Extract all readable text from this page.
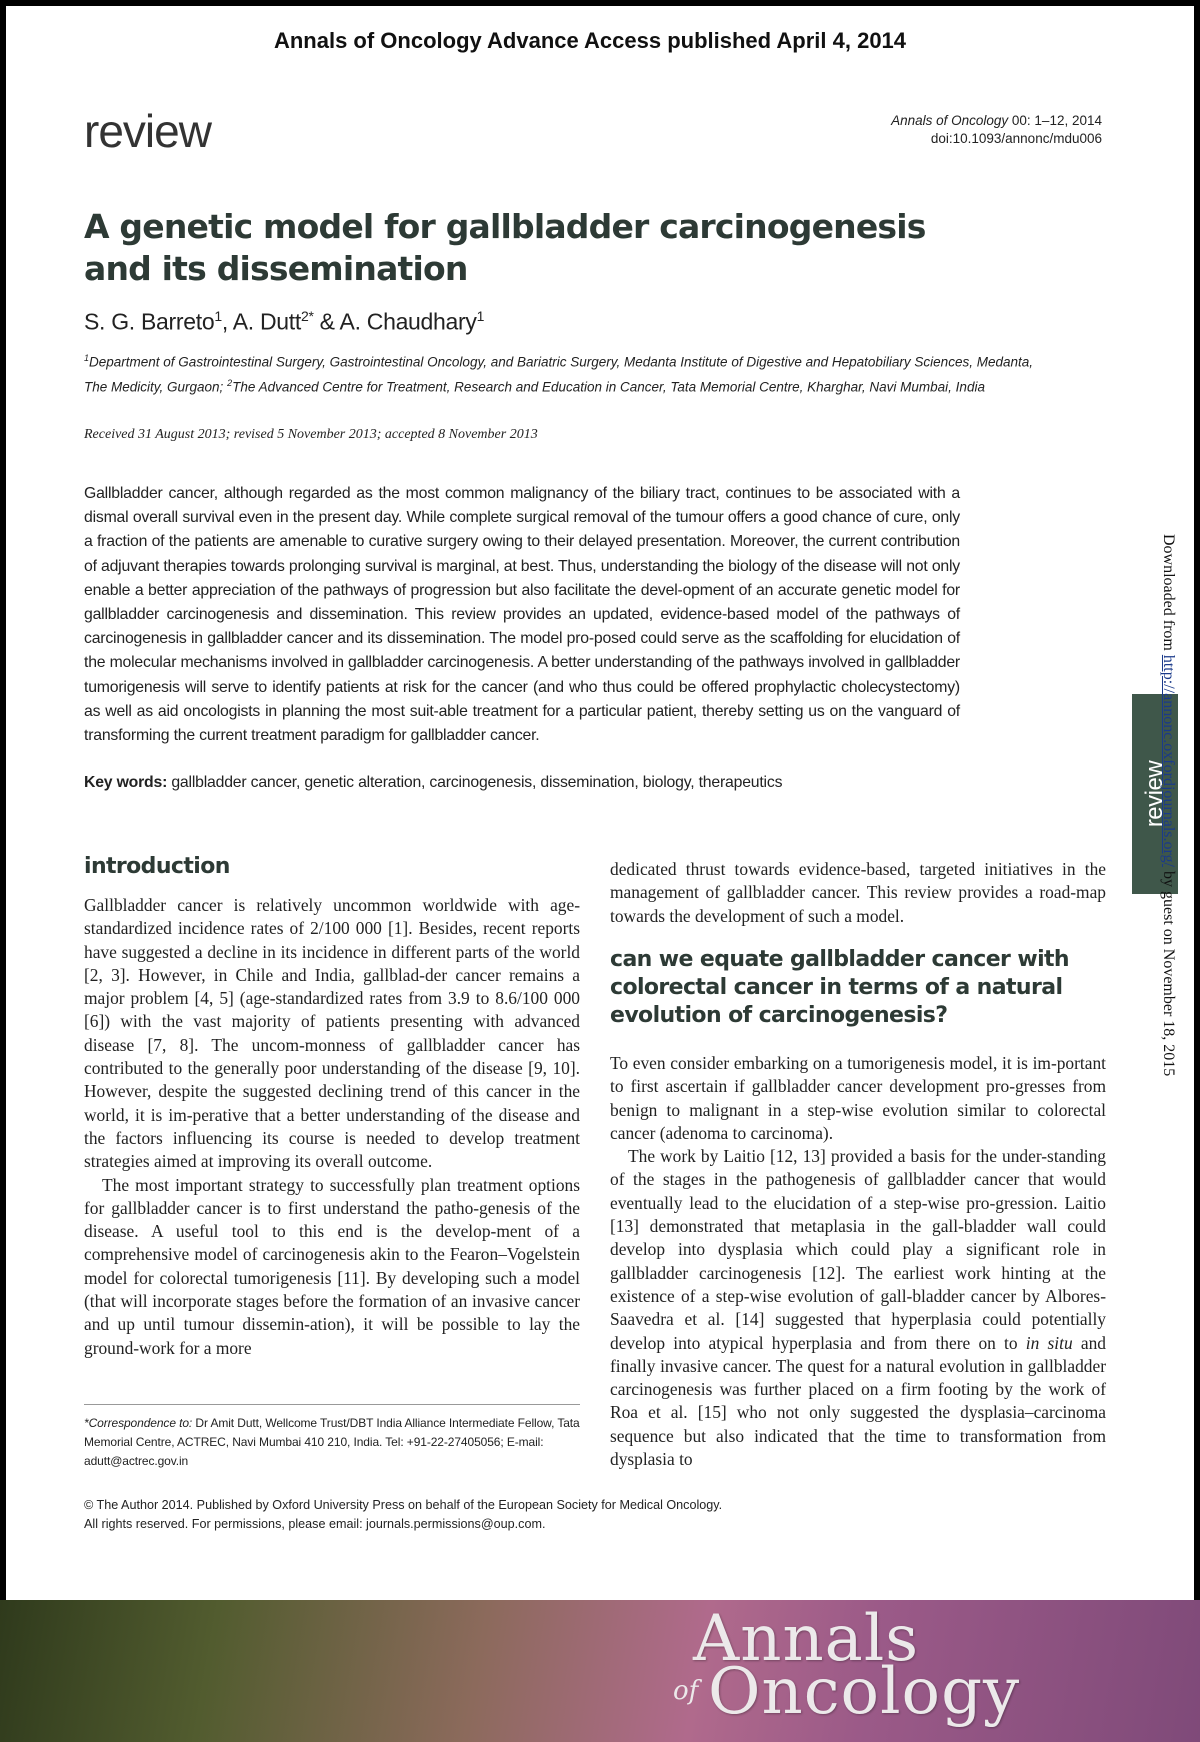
Annals of Oncology Advance Access published April 4, 2014
review	Annals of Oncology 00: 1–12, 2014
doi:10.1093/annonc/mdu006
A genetic model for gallbladder carcinogenesis
and its dissemination
S. G. Barreto$^1$, A. Dutt$^{2*}$ & A. Chaudhary$^1$
$^1$Department of Gastrointestinal Surgery, Gastrointestinal Oncology, and Bariatric Surgery, Medanta Institute of Digestive and Hepatobiliary Sciences, Medanta, The Medicity, Gurgaon; $^2$The Advanced Centre for Treatment, Research and Education in Cancer, Tata Memorial Centre, Kharghar, Navi Mumbai, India
Received 31 August 2013; revised 5 November 2013; accepted 8 November 2013

Gallbladder cancer, although regarded as the most common malignancy of the biliary tract, continues to be associated with a dismal overall survival even in the present day. While complete surgical removal of the tumour offers a good chance of cure, only a fraction of the patients are amenable to curative surgery owing to their delayed presentation. Moreover, the current contribution of adjuvant therapies towards prolonging survival is marginal, at best. Thus, understanding the biology of the disease will not only enable a better appreciation of the pathways of progression but also facilitate the devel-opment of an accurate genetic model for gallbladder carcinogenesis and dissemination. This review provides an updated, evidence-based model of the pathways of carcinogenesis in gallbladder cancer and its dissemination. The model pro-posed could serve as the scaffolding for elucidation of the molecular mechanisms involved in gallbladder carcinogenesis. A better understanding of the pathways involved in gallbladder tumorigenesis will serve to identify patients at risk for the cancer (and who thus could be offered prophylactic cholecystectomy) as well as aid oncologists in planning the most suit-able treatment for a particular patient, thereby setting us on the vanguard of transforming the current treatment paradigm for gallbladder cancer.

Key words: gallbladder cancer, genetic alteration, carcinogenesis, dissemination, biology, therapeutics
introduction

Gallbladder cancer is relatively uncommon worldwide with age-standardized incidence rates of 2/100 000 [1]. Besides, recent reports have suggested a decline in its incidence in different parts of the world [2, 3]. However, in Chile and India, gallblad-der cancer remains a major problem [4, 5] (age-standardized rates from 3.9 to 8.6/100 000 [6]) with the vast majority of patients presenting with advanced disease [7, 8]. The uncom-monness of gallbladder cancer has contributed to the generally poor understanding of the disease [9, 10]. However, despite the suggested declining trend of this cancer in the world, it is im-perative that a better understanding of the disease and the factors influencing its course is needed to develop treatment strategies aimed at improving its overall outcome.

The most important strategy to successfully plan treatment options for gallbladder cancer is to first understand the patho-genesis of the disease. A useful tool to this end is the develop-ment of a comprehensive model of carcinogenesis akin to the Fearon–Vogelstein model for colorectal tumorigenesis [11]. By developing such a model (that will incorporate stages before the formation of an invasive cancer and up until tumour dissemin-ation), it will be possible to lay the ground-work for a more

dedicated thrust towards evidence-based, targeted initiatives in the management of gallbladder cancer. This review provides a road-map towards the development of such a model.

can we equate gallbladder cancer with colorectal cancer in terms of a natural evolution of carcinogenesis?

To even consider embarking on a tumorigenesis model, it is im-portant to first ascertain if gallbladder cancer development pro-gresses from benign to malignant in a step-wise evolution similar to colorectal cancer (adenoma to carcinoma).

The work by Laitio [12, 13] provided a basis for the under-standing of the stages in the pathogenesis of gallbladder cancer that would eventually lead to the elucidation of a step-wise pro-gression. Laitio [13] demonstrated that metaplasia in the gall-bladder wall could develop into dysplasia which could play a significant role in gallbladder carcinogenesis [12]. The earliest work hinting at the existence of a step-wise evolution of gall-bladder cancer by Albores-Saavedra et al. [14] suggested that hyperplasia could potentially develop into atypical hyperplasia and from there on to in situ and finally invasive cancer. The quest for a natural evolution in gallbladder carcinogenesis was further placed on a firm footing by the work of Roa et al. [15] who not only suggested the dysplasia–carcinoma sequence but also indicated that the time to transformation from dysplasia to

*Correspondence to: Dr Amit Dutt, Wellcome Trust/DBT India Alliance Intermediate Fellow, Tata Memorial Centre, ACTREC, Navi Mumbai 410 210, India. Tel: +91-22-27405056; E-mail: adutt@actrec.gov.in
© The Author 2014. Published by Oxford University Press on behalf of the European Society for Medical Oncology.
All rights reserved. For permissions, please email: journals.permissions@oup.com.
review
Downloaded from http://annonc.oxfordjournals.org/ by guest on November 18, 2015
Annals
of Oncology
